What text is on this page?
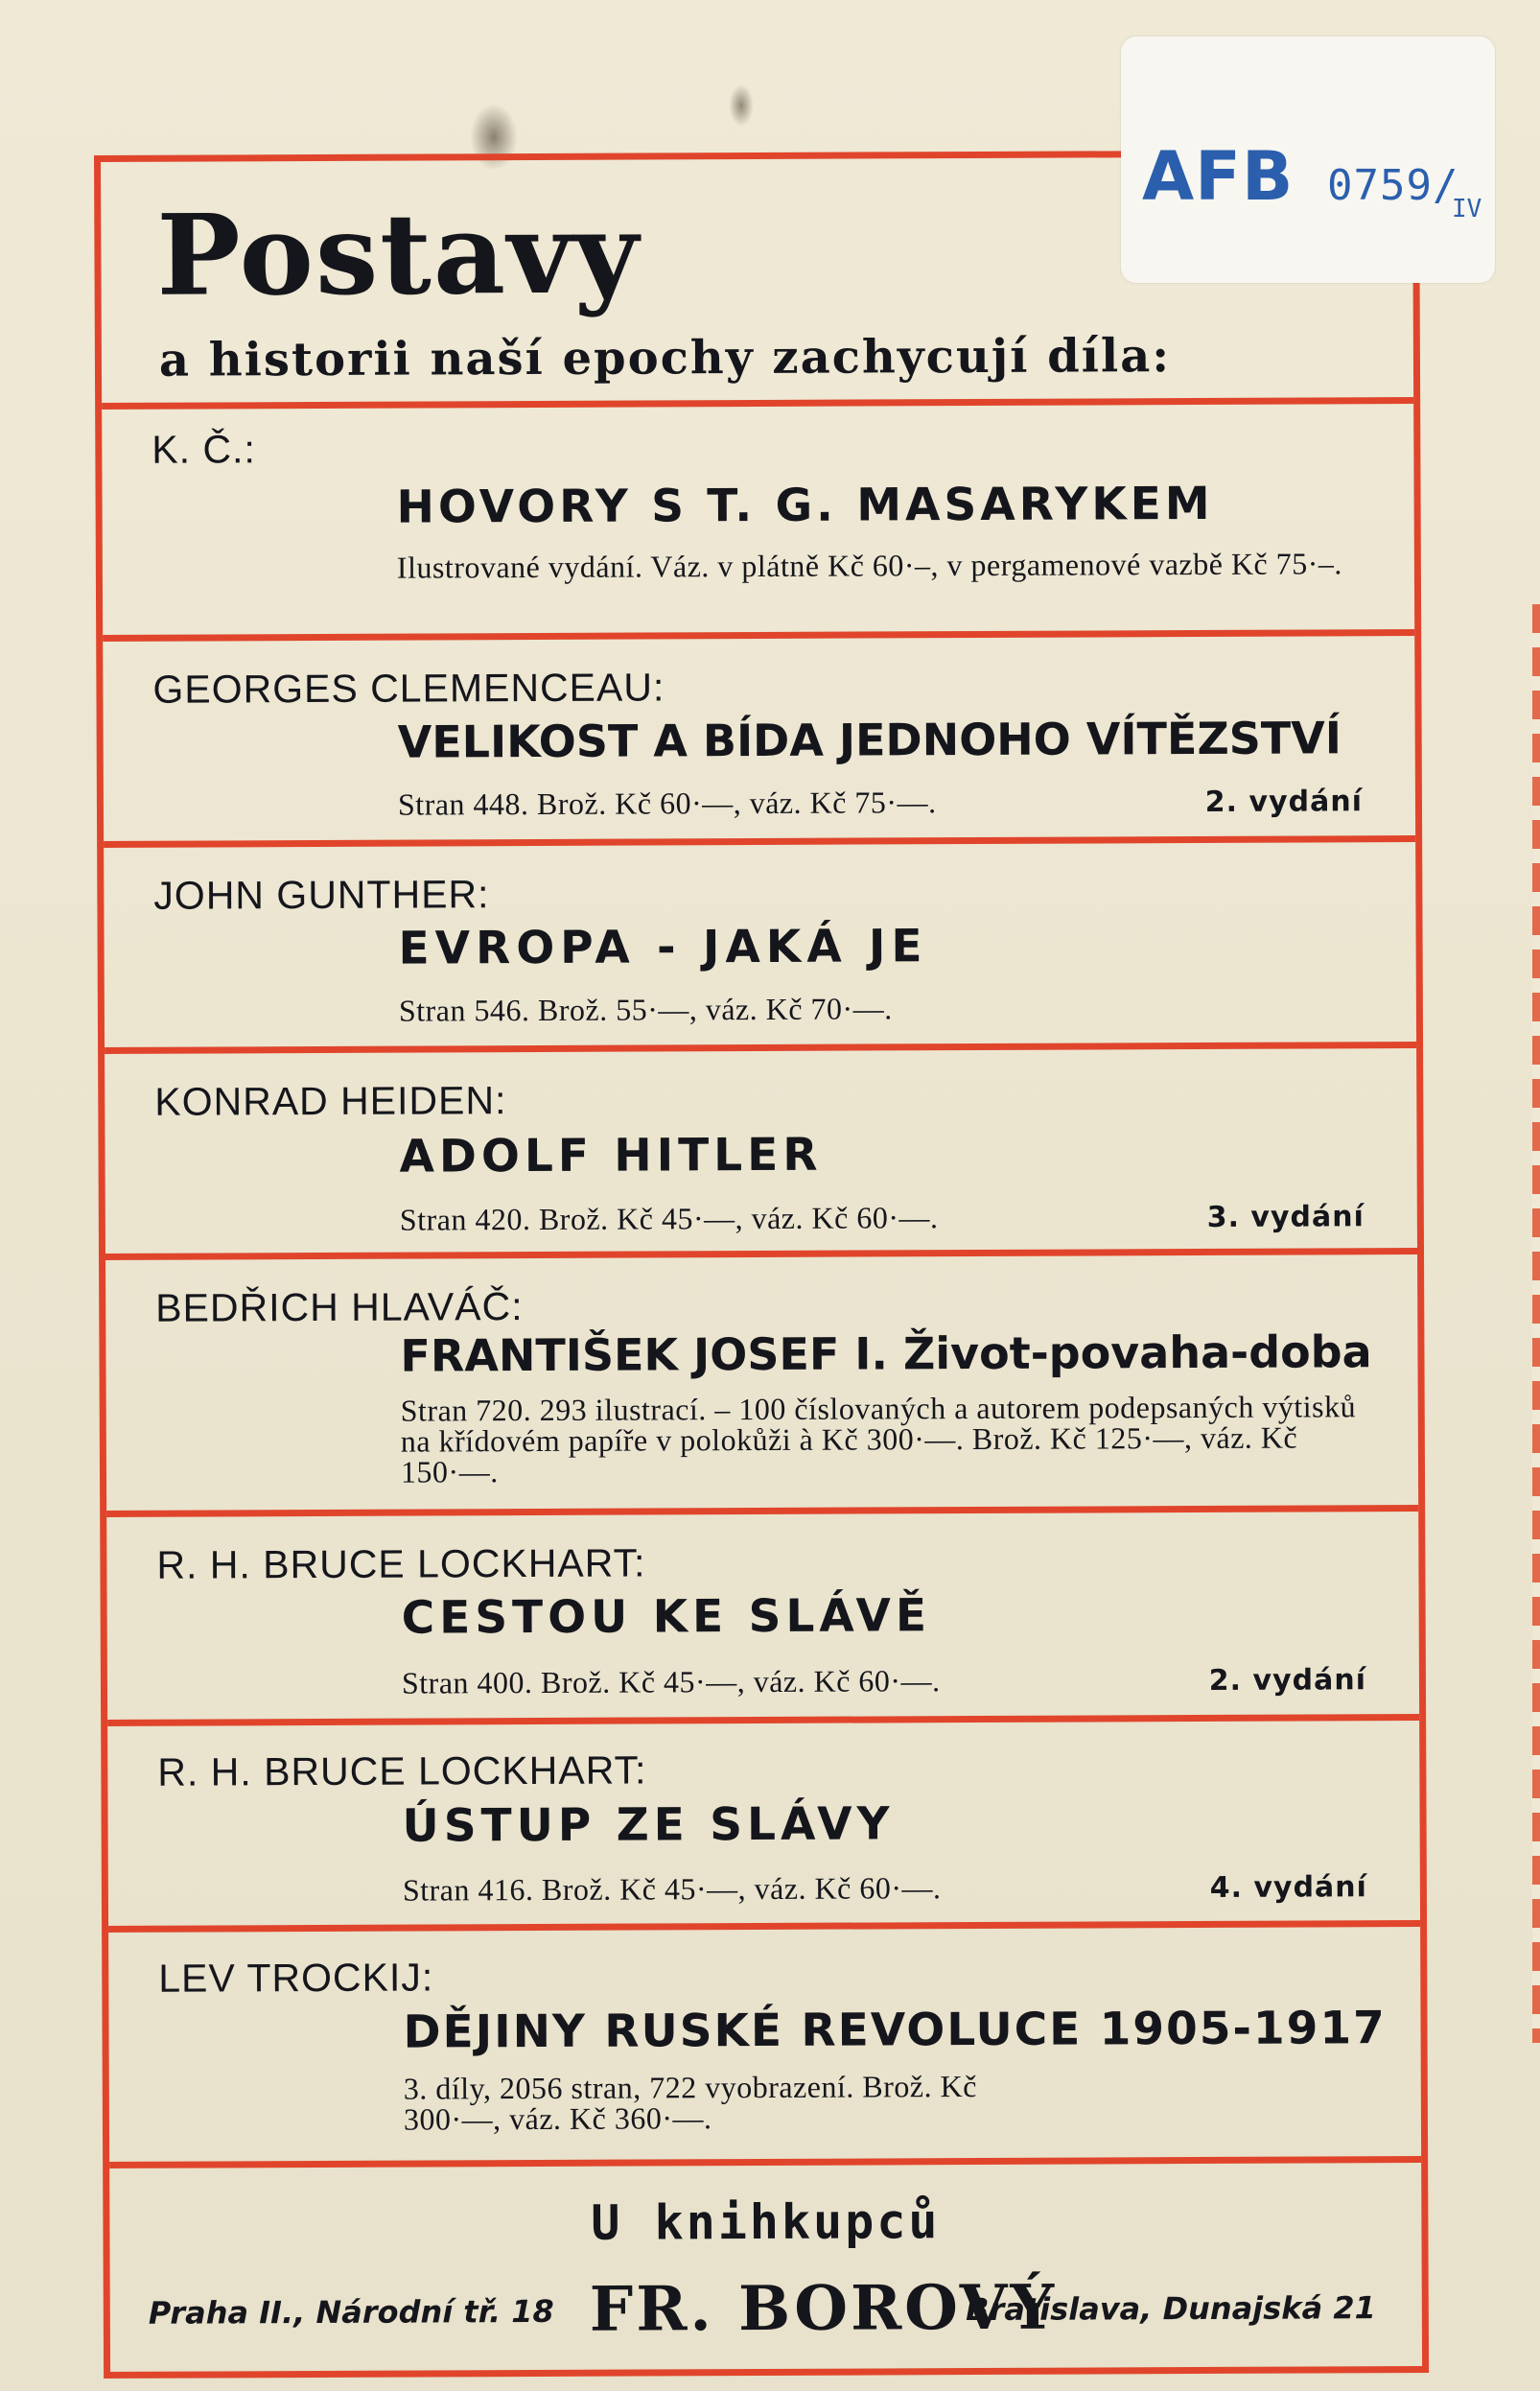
Postavy
a historii naší epochy zachycují díla:
K. Č.:
HOVORY S T. G. MASARYKEM
Ilustrované vydání. Váz. v plátně Kč 60·–, v pergamenové vazbě Kč 75·–.
GEORGES CLEMENCEAU:
VELIKOST A BÍDA JEDNOHO VÍTĚZSTVÍ
Stran 448. Brož. Kč 60·—, váz. Kč 75·—.	2. vydání
JOHN GUNTHER:
EVROPA - JAKÁ JE
Stran 546. Brož. 55·—, váz. Kč 70·—.
KONRAD HEIDEN:
ADOLF HITLER
Stran 420. Brož. Kč 45·—, váz. Kč 60·—.	3. vydání
BEDŘICH HLAVÁČ:
FRANTIŠEK JOSEF I. Život-povaha-doba
Stran 720. 293 ilustrací. – 100 číslovaných a autorem podepsaných výtisků na křídovém papíře v polokůži à Kč 300·—. Brož. Kč 125·—, váz. Kč 150·—.
R. H. BRUCE LOCKHART:
CESTOU KE SLÁVĚ
Stran 400. Brož. Kč 45·—, váz. Kč 60·—.	2. vydání
R. H. BRUCE LOCKHART:
ÚSTUP ZE SLÁVY
Stran 416. Brož. Kč 45·—, váz. Kč 60·—.	4. vydání
LEV TROCKIJ:
DĚJINY RUSKÉ REVOLUCE 1905-1917
3. díly, 2056 stran, 722 vyobrazení. Brož. Kč 300·—, váz. Kč 360·—.
U knihkupců
Praha II., Národní tř. 18 FR. BOROVÝ
Bratislava, Dunajská 21
AFB 0759/
IV
